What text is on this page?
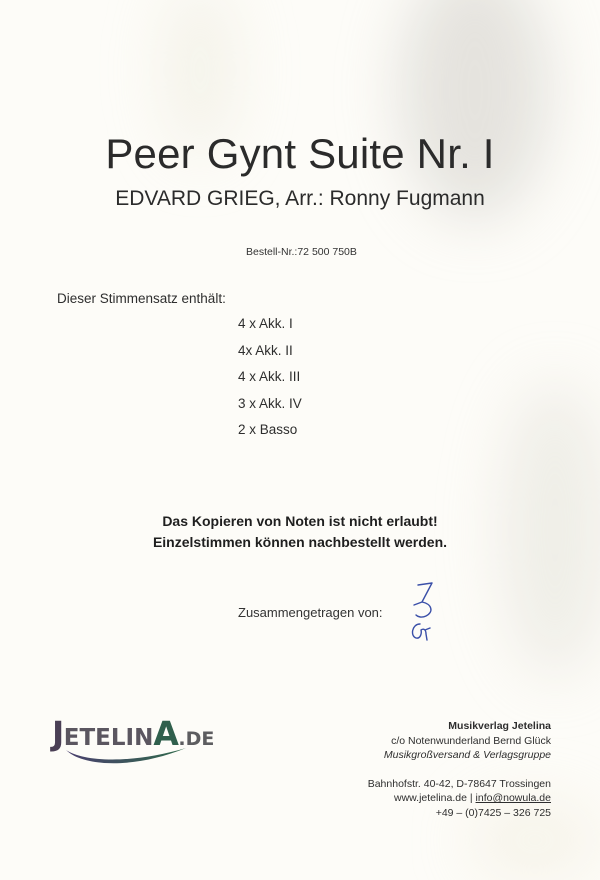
Peer Gynt Suite Nr. I
EDVARD GRIEG, Arr.: Ronny Fugmann
Bestell-Nr.:72 500 750B
Dieser Stimmensatz enthält:
4 x Akk. I
4x Akk. II
4 x Akk. III
3 x Akk. IV
2 x Basso
Das Kopieren von Noten ist nicht erlaubt!
Einzelstimmen können nachbestellt werden.
Zusammengetragen von:
JETELINA.DE
Musikverlag Jetelina
c/o Notenwunderland Bernd Glück
Musikgroßversand & Verlagsgruppe
Bahnhofstr. 40-42, D-78647 Trossingen
www.jetelina.de | info@nowula.de
+49 – (0)7425 – 326 725
